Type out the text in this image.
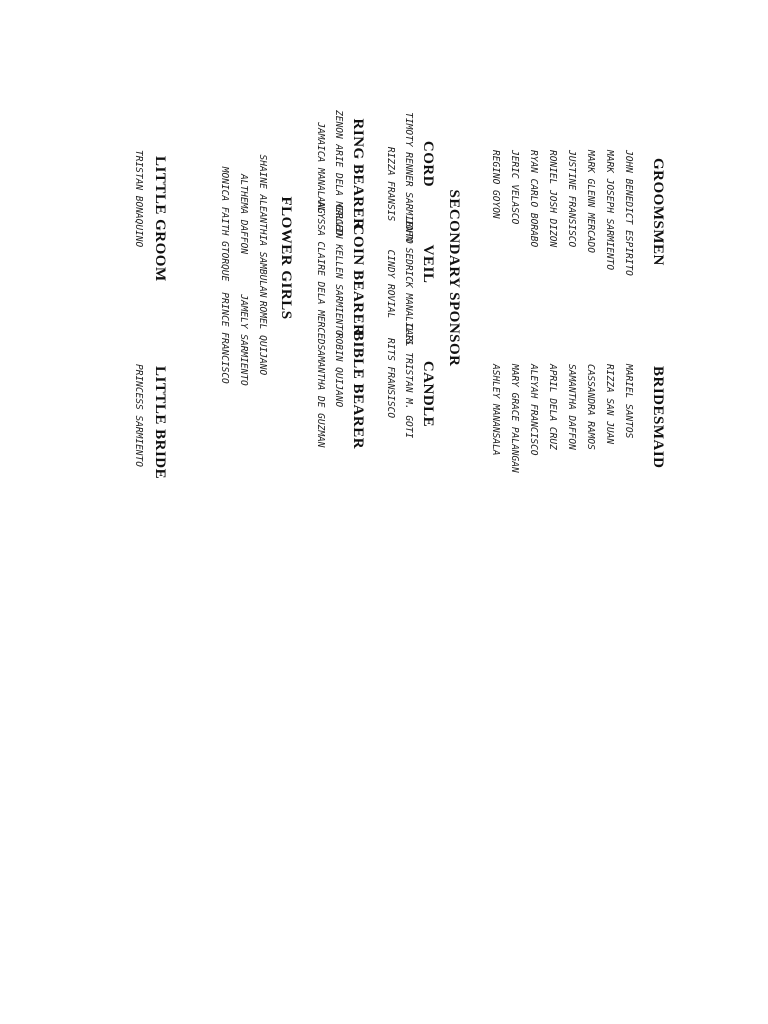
GROOMSMEN
JOHN BENEDICT ESPIRITO
MARK JOSEPH SARMIENTO
MARK GLENN MERCADO
JUSTINE FRANSISCO
RONIEL JOSH DIZON
RYAN CARLO BORABO
JERIC VELASCO
REGINO GOYON
BRIDESMAID
MARIEL SANTOS
RIZZA SAN JUAN
CASSANDRA RAMOS
SAMANTHA DAFFON
APRIL DELA CRUZ
ALEYAH FRANCISCO
MARY GRACE PALANGAN
ASHLEY MANANSALA
SECONDARY SPONSOR
CORD
VEIL
CANDLE
TIMOTY RENNER SARMIENTO
RIZZA FRANSIS
JOHN SEDRICK MANALILIS
CINDY ROVIAL
CARL TRISTAN M. GOTI
RITS FRANSISCO
RING BEARER
COIN BEARER
BIBLE BEARER
ZENON ARIE DELA MERCED
JAMAICA MANALANG
CALVIN KELLEN SARMIENTO
ALYSSA CLAIRE DELA MERCED
ROBIN QUIJANO
SAMANTHA DE GUZMAN
FLOWER GIRLS
SHAINE ALEANTHIA SAMBULAN
ALTHEMA DAFFON
MONICA FAITH GTORQUE
ROMEL QUIJANO
JAMELY SARMIENTO
PRINCE FRANCISCO
LITTLE GROOM
TRISTAN BONAQUINO
LITTLE BRIDE
PRINCESS SARMIENTO
